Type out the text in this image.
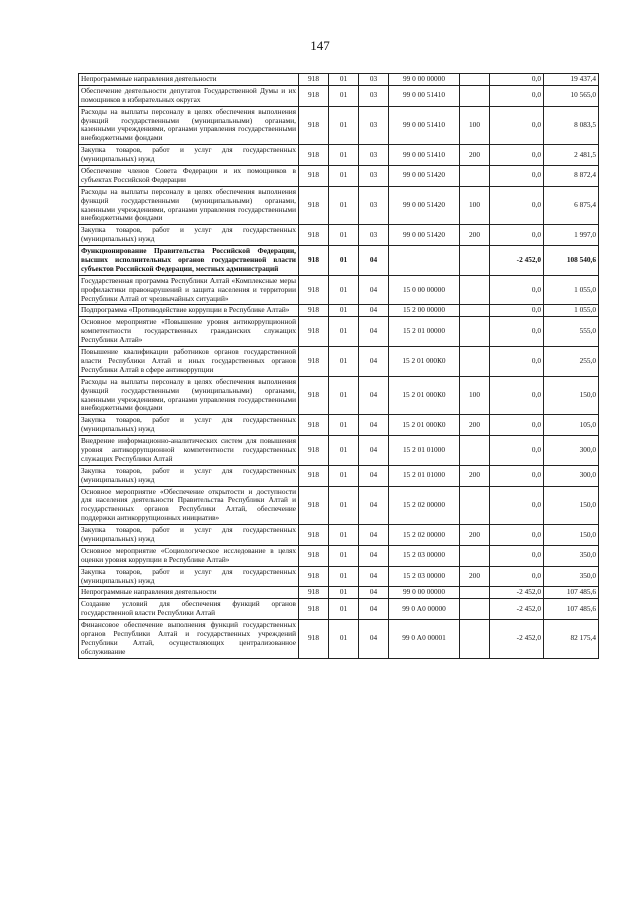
147
Непрограммные направления деятельности	918	01	03	99 0 00 00000		0,0	19 437,4
Обеспечение деятельности депутатов Государственной Думы и их помощников в избирательных округах	918	01	03	99 0 00 51410		0,0	10 565,0
Расходы на выплаты персоналу в целях обеспечения выполнения функций государственными (муниципальными) органами, казенными учреждениями, органами управления государственными внебюджетными фондами	918	01	03	99 0 00 51410	100	0,0	8 083,5
Закупка товаров, работ и услуг для государственных (муниципальных) нужд	918	01	03	99 0 00 51410	200	0,0	2 481,5
Обеспечение членов Совета Федерации и их помощников в субъектах Российской Федерации	918	01	03	99 0 00 51420		0,0	8 872,4
Расходы на выплаты персоналу в целях обеспечения выполнения функций государственными (муниципальными) органами, казенными учреждениями, органами управления государственными внебюджетными фондами	918	01	03	99 0 00 51420	100	0,0	6 875,4
Закупка товаров, работ и услуг для государственных (муниципальных) нужд	918	01	03	99 0 00 51420	200	0,0	1 997,0
Функционирование Правительства Российской Федерации, высших исполнительных органов государственной власти субъектов Российской Федерации, местных администраций	918	01	04			-2 452,0	108 540,6
Государственная программа Республики Алтай «Комплексные меры профилактики правонарушений и защита населения и территории Республики Алтай от чрезвычайных ситуаций»	918	01	04	15 0 00 00000		0,0	1 055,0
Подпрограмма «Противодействие коррупции в Республике Алтай»	918	01	04	15 2 00 00000		0,0	1 055,0
Основное мероприятие «Повышение уровня антикоррупционной компетентности государственных гражданских служащих Республики Алтай»	918	01	04	15 2 01 00000		0,0	555,0
Повышение квалификации работников органов государственной власти Республики Алтай и иных государственных органов Республики Алтай в сфере антикоррупции	918	01	04	15 2 01 000К0		0,0	255,0
Расходы на выплаты персоналу в целях обеспечения выполнения функций государственными (муниципальными) органами, казенными учреждениями, органами управления государственными внебюджетными фондами	918	01	04	15 2 01 000К0	100	0,0	150,0
Закупка товаров, работ и услуг для государственных (муниципальных) нужд	918	01	04	15 2 01 000К0	200	0,0	105,0
Внедрение информационно-аналитических систем для повышения уровня антикоррупционной компетентности государственных служащих Республики Алтай	918	01	04	15 2 01 01000		0,0	300,0
Закупка товаров, работ и услуг для государственных (муниципальных) нужд	918	01	04	15 2 01 01000	200	0,0	300,0
Основное мероприятие «Обеспечение открытости и доступности для населения деятельности Правительства Республики Алтай и государственных органов Республики Алтай, обеспечение поддержки антикоррупционных инициатив»	918	01	04	15 2 02 00000		0,0	150,0
Закупка товаров, работ и услуг для государственных (муниципальных) нужд	918	01	04	15 2 02 00000	200	0,0	150,0
Основное мероприятие «Социологическое исследование в целях оценки уровня коррупции в Республике Алтай»	918	01	04	15 2 03 00000		0,0	350,0
Закупка товаров, работ и услуг для государственных (муниципальных) нужд	918	01	04	15 2 03 00000	200	0,0	350,0
Непрограммные направления деятельности	918	01	04	99 0 00 00000		-2 452,0	107 485,6
Создание условий для обеспечения функций органов государственной власти Республики Алтай	918	01	04	99 0 А0 00000		-2 452,0	107 485,6
Финансовое обеспечение выполнения функций государственных органов Республики Алтай и государственных учреждений Республики Алтай, осуществляющих централизованное обслуживание	918	01	04	99 0 А0 00001		-2 452,0	82 175,4
